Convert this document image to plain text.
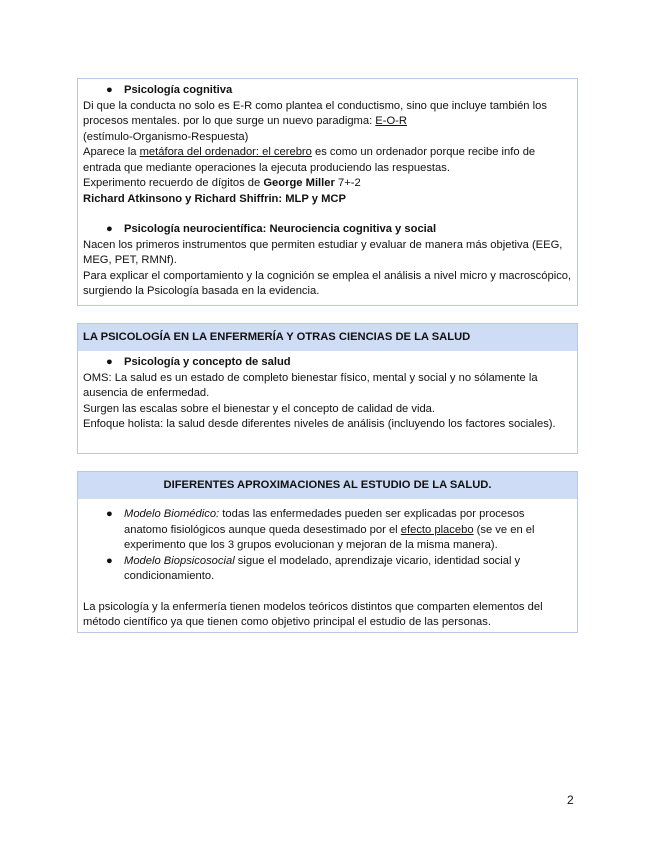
● Psicología cognitiva

Di que la conducta no solo es E-R como plantea el conductismo, sino que incluye también los procesos mentales. por lo que surge un nuevo paradigma: E-O-R

(estímulo-Organismo-Respuesta)

Aparece la metáfora del ordenador: el cerebro es como un ordenador porque recibe info de entrada que mediante operaciones la ejecuta produciendo las respuestas.

Experimento recuerdo de dígitos de George Miller 7+-2

Richard Atkinsono y Richard Shiffrin: MLP y MCP

● Psicología neurocientífica: Neurociencia cognitiva y social

Nacen los primeros instrumentos que permiten estudiar y evaluar de manera más objetiva (EEG, MEG, PET, RMNf).

Para explicar el comportamiento y la cognición se emplea el análisis a nivel micro y macroscópico, surgiendo la Psicología basada en la evidencia.

LA PSICOLOGÍA EN LA ENFERMERÍA Y OTRAS CIENCIAS DE LA SALUD
● Psicología y concepto de salud

OMS: La salud es un estado de completo bienestar físico, mental y social y no sólamente la ausencia de enfermedad.

Surgen las escalas sobre el bienestar y el concepto de calidad de vida.

Enfoque holista: la salud desde diferentes niveles de análisis (incluyendo los factores sociales).

DIFERENTES APROXIMACIONES AL ESTUDIO DE LA SALUD.
● Modelo Biomédico: todas las enfermedades pueden ser explicadas por procesos anatomo fisiológicos aunque queda desestimado por el efecto placebo (se ve en el experimento que los 3 grupos evolucionan y mejoran de la misma manera).
● Modelo Biopsicosocial sigue el modelado, aprendizaje vicario, identidad social y condicionamiento.

La psicología y la enfermería tienen modelos teóricos distintos que comparten elementos del método científico ya que tienen como objetivo principal el estudio de las personas.

2
